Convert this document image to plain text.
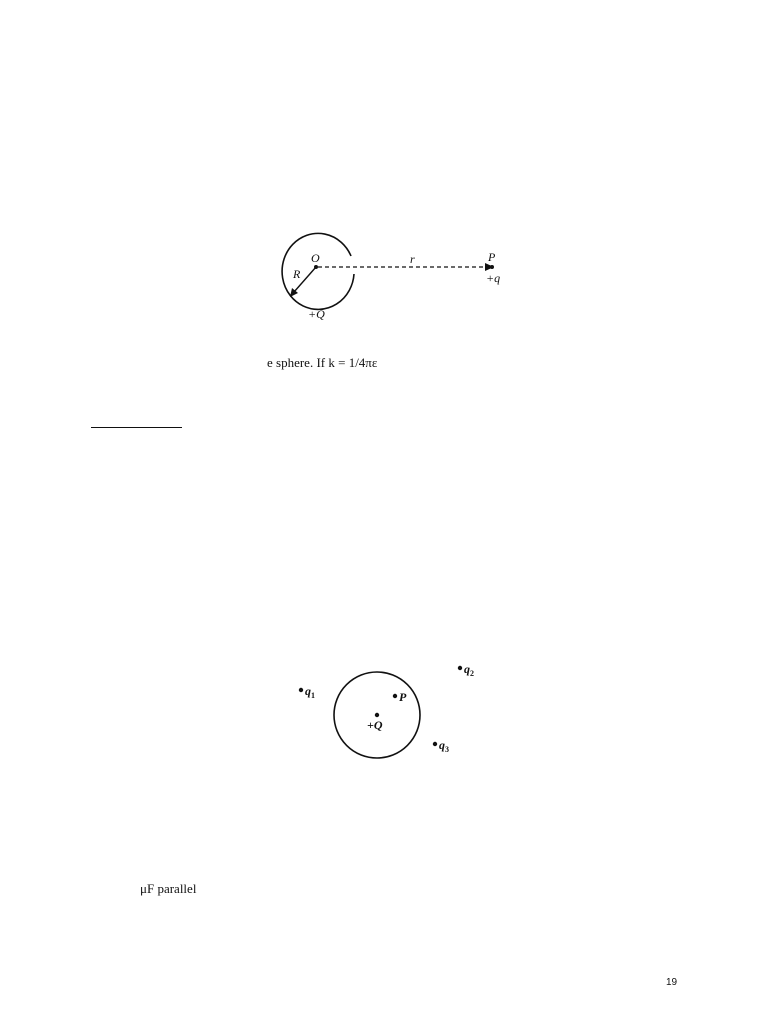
O
R
r	P
+q
+Q
e sphere. If k = 1/4πε
$q_1$
$q_2$
$q_3$
P
+Q
μF parallel
19
